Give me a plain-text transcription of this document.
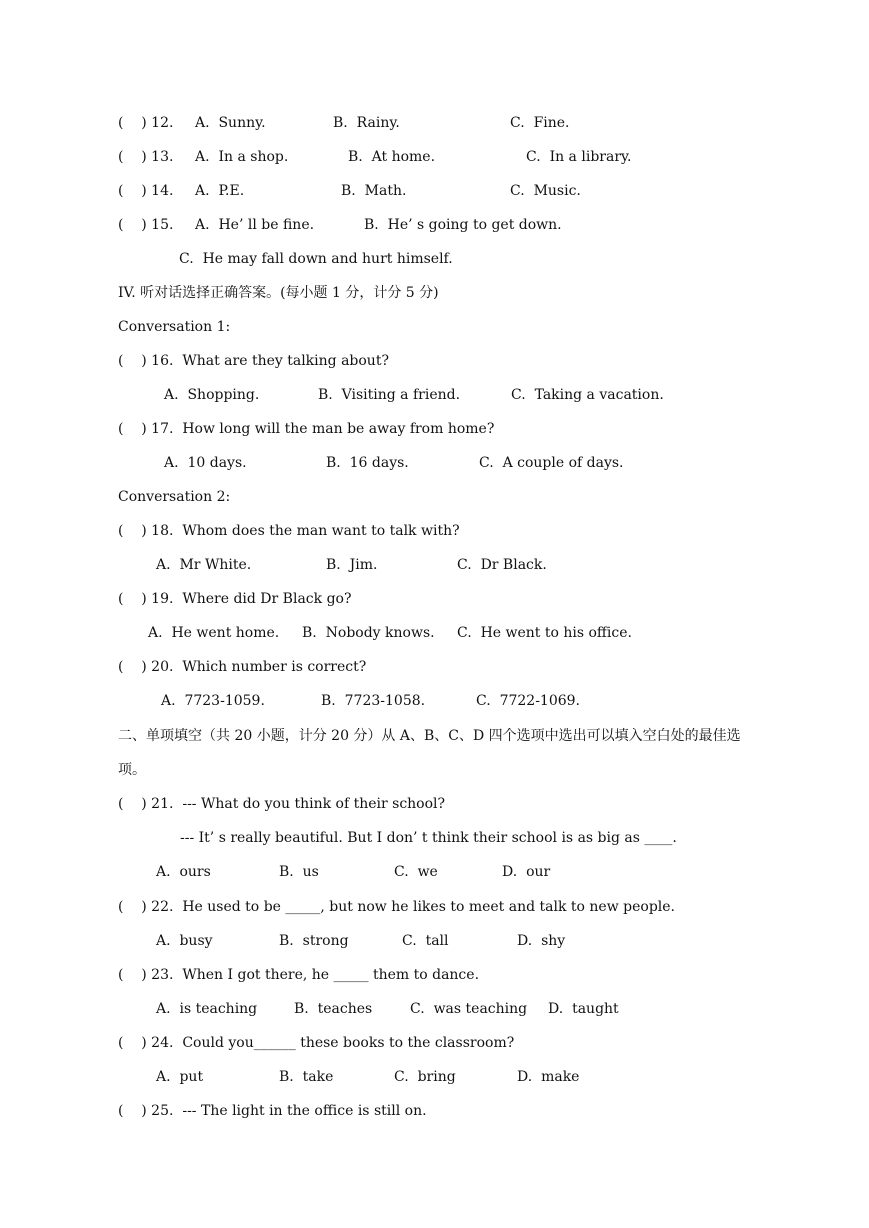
(    ) 12. A.  Sunny.	B.  Rainy.	C.  Fine.
(    ) 13. A.  In a shop.	B.  At home.	C.  In a library.
(    ) 14. A.  P.E.	B.  Math.	C.  Music.
(    ) 15. A.  He’ ll be fine.	B.  He’ s going to get down.
C.  He may fall down and hurt himself.
IV. 听对话选择正确答案。(每小题 1 分，计分 5 分)
Conversation 1:
(    ) 16.  What are they talking about?
A.  Shopping.	B.  Visiting a friend.	C.  Taking a vacation.
(    ) 17.  How long will the man be away from home?
A.  10 days.	B.  16 days.	C.  A couple of days.
Conversation 2:
(    ) 18.  Whom does the man want to talk with?
A.  Mr White.	B.  Jim.	C.  Dr Black.
(    ) 19.  Where did Dr Black go?
A.  He went home. B.  Nobody knows. C.  He went to his office.
(    ) 20.  Which number is correct?
A.  7723-1059.	B.  7723-1058.	C.  7722-1069.
二、单项填空（共 20 小题，计分 20 分）从 A、B、C、D 四个选项中选出可以填入空白处的最佳选
项。
(    ) 21.  --- What do you think of their school?
--- It’ s really beautiful. But I don’ t think their school is as big as ____.
A.  ours	B.  us	C.  we	D.  our
(    ) 22.  He used to be _____, but now he likes to meet and talk to new people.
A.  busy	B.  strong	C.  tall	D.  shy
(    ) 23.  When I got there, he _____ them to dance.
A.  is teaching	B.  teaches	C.  was teaching D.  taught
(    ) 24.  Could you______ these books to the classroom?
A.  put	B.  take	C.  bring	D.  make
(    ) 25.  --- The light in the office is still on.
